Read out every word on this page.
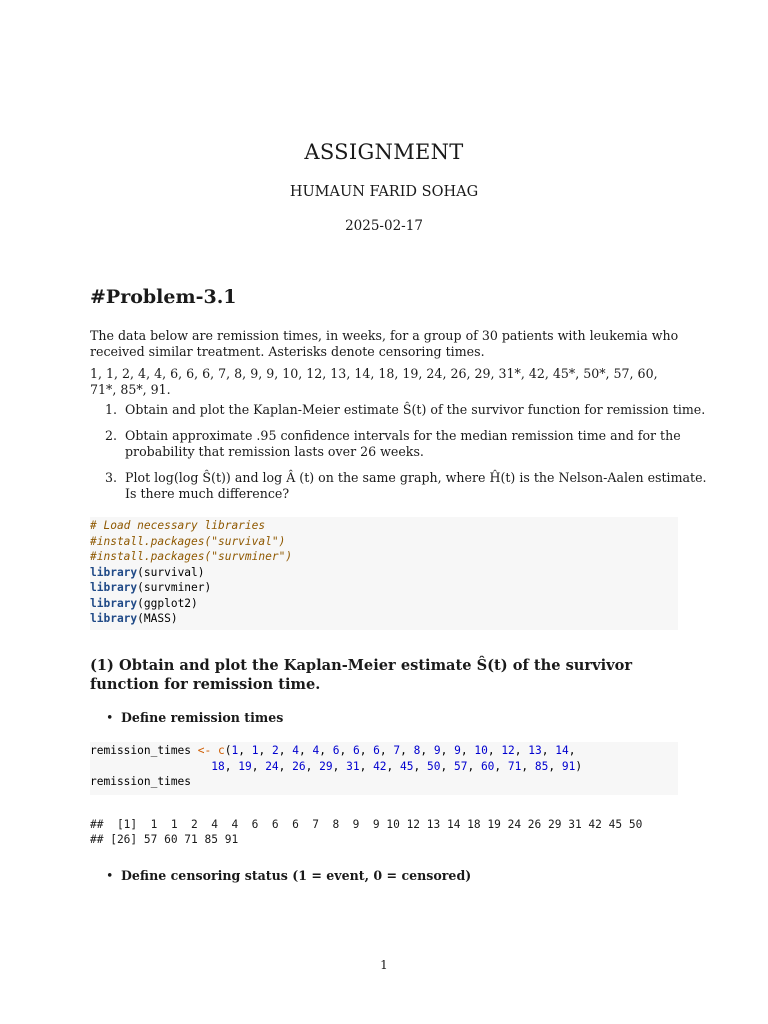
ASSIGNMENT
HUMAUN FARID SOHAG
2025-02-17
#Problem-3.1

The data below are remission times, in weeks, for a group of 30 patients with leukemia who received similar treatment. Asterisks denote censoring times.

1, 1, 2, 4, 4, 6, 6, 6, 7, 8, 9, 9, 10, 12, 13, 14, 18, 19, 24, 26, 29, 31*, 42, 45*, 50*, 57, 60, 71*, 85*, 91.

1. Obtain and plot the Kaplan-Meier estimate Ŝ(t) of the survivor function for remission time.
2. Obtain approximate .95 confidence intervals for the median remission time and for the probability that remission lasts over 26 weeks.
3. Plot log(log Ŝ(t)) and log Â (t) on the same graph, where Ĥ(t) is the Nelson-Aalen estimate. Is there much difference?
# Load necessary libraries
#install.packages("survival")
#install.packages("survminer")
library(survival)
library(survminer)
library(ggplot2)
library(MASS)
(1) Obtain and plot the Kaplan-Meier estimate Ŝ(t) of the survivor function for remission time.
• Define remission times
remission_times <- c(1, 1, 2, 4, 4, 6, 6, 6, 7, 8, 9, 9, 10, 12, 13, 14,
18, 19, 24, 26, 29, 31, 42, 45, 50, 57, 60, 71, 85, 91)
remission_times
##  [1]  1  1  2  4  4  6  6  6  7  8  9  9 10 12 13 14 18 19 24 26 29 31 42 45 50
## [26] 57 60 71 85 91
• Define censoring status (1 = event, 0 = censored)
1
